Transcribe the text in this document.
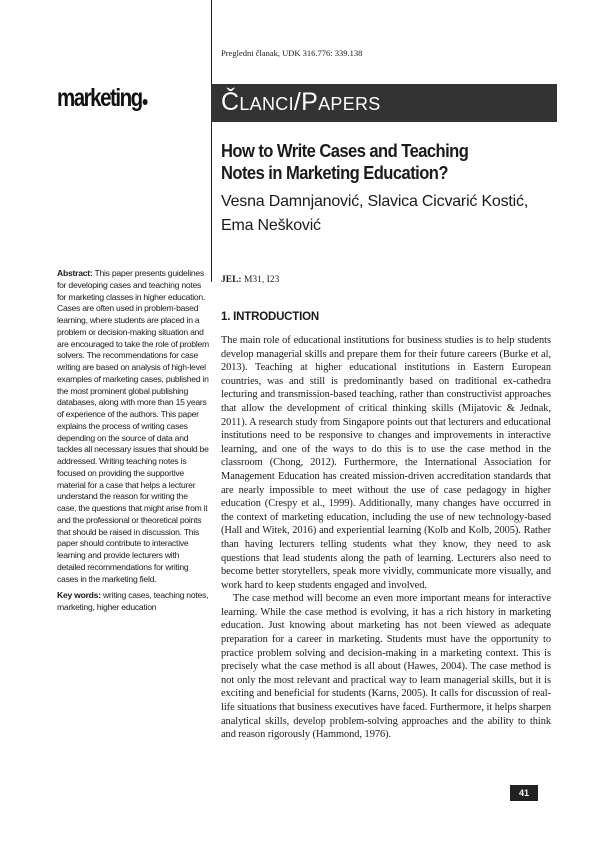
Pregledni članak, UDK 316.776: 339.138
marketing●	Članci/Papers
How to Write Cases and Teaching Notes in Marketing Education?
Vesna Damnjanović, Slavica Cicvarić Kostić, Ema Nešković
Abstract: This paper presents guidelines for developing cases and teaching notes for marketing classes in higher education. Cases are often used in problem-based learning, where students are placed in a problem or decision-making situation and are encouraged to take the role of problem solvers. The recommendations for case writing are based on analysis of high-level examples of marketing cases, published in the most prominent global publishing databases, along with more than 15 years of experience of the authors. This paper explains the process of writing cases depending on the source of data and tackles all necessary issues that should be addressed. Writing teaching notes is focused on providing the supportive material for a case that helps a lecturer understand the reason for writing the case, the questions that might arise from it and the professional or theoretical points that should be raised in discussion. This paper should contribute to interactive learning and provide lecturers with detailed recommendations for writing cases in the marketing field.
Key words: writing cases, teaching notes, marketing, higher education
JEL: M31, I23
1. INTRODUCTION

The main role of educational institutions for business studies is to help students develop managerial skills and prepare them for their future careers (Burke et al, 2013). Teaching at higher educational institutions in Eastern European countries, was and still is predominantly based on traditional ex-cathedra lecturing and transmission-based teaching, rather than constructivist approaches that allow the development of critical thinking skills (Mijatovic & Jednak, 2011). A research study from Singapore points out that lecturers and educational institutions need to be responsive to changes and improvements in interactive learning, and one of the ways to do this is to use the case method in the classroom (Chong, 2012). Furthermore, the International Association for Management Education has created mission-driven accreditation standards that are nearly impossible to meet without the use of case pedagogy in higher education (Crespy et al., 1999). Additionally, many changes have occurred in the context of marketing education, including the use of new technology-based (Hall and Witek, 2016) and experiential learning (Kolb and Kolb, 2005). Rather than having lecturers telling students what they know, they need to ask questions that lead students along the path of learning. Lecturers also need to become better storytellers, speak more vividly, communicate more visually, and work hard to keep students engaged and involved.

The case method will become an even more important means for interactive learning. While the case method is evolving, it has a rich history in marketing education. Just knowing about marketing has not been viewed as adequate preparation for a career in marketing. Students must have the opportunity to practice problem solving and decision-making in a marketing context. This is precisely what the case method is all about (Hawes, 2004). The case method is not only the most relevant and practical way to learn managerial skills, but it is exciting and beneficial for students (Karns, 2005). It calls for discussion of real-life situations that business executives have faced. Furthermore, it helps sharpen analytical skills, develop problem-solving approaches and the ability to think and reason rigorously (Hammond, 1976).

41
